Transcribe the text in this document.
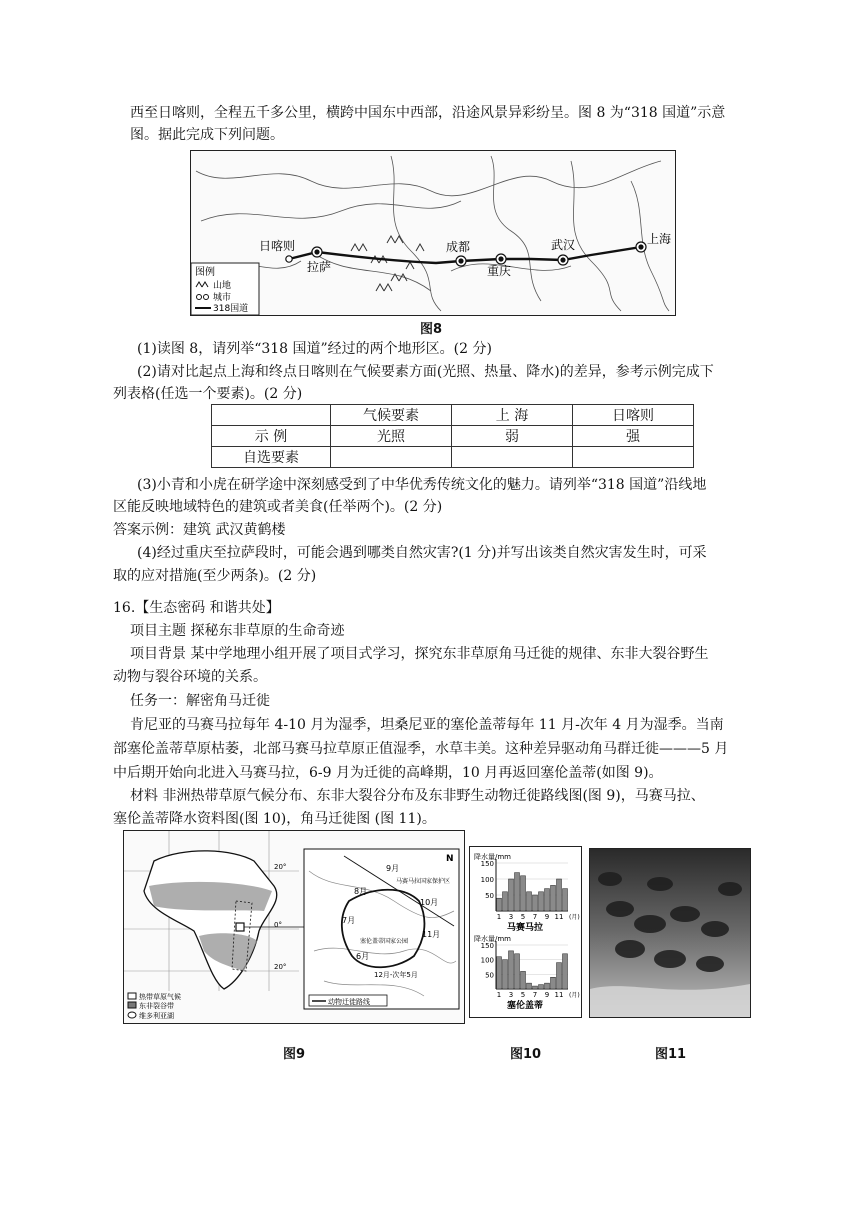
西至日喀则，全程五千多公里，横跨中国东中西部，沿途风景异彩纷呈。图 8 为“318 国道”示意
图。据此完成下列问题。
日喀则
拉萨
成都
重庆
武汉	上海
图例
山地
城市
318国道
图8
(1)读图 8，请列举“318 国道”经过的两个地形区。(2 分)
(2)请对比起点上海和终点日喀则在气候要素方面(光照、热量、降水)的差异，参考示例完成下
列表格(任选一个要素)。(2 分)
	气候要素	上 海	日喀则
示 例	光照	弱	强
自选要素			
(3)小青和小虎在研学途中深刻感受到了中华优秀传统文化的魅力。请列举“318 国道”沿线地
区能反映地域特色的建筑或者美食(任举两个)。(2 分)
答案示例：建筑 武汉黄鹤楼
(4)经过重庆至拉萨段时，可能会遇到哪类自然灾害?(1 分)并写出该类自然灾害发生时，可采
取的应对措施(至少两条)。(2 分)
16.【生态密码 和谐共处】
项目主题 探秘东非草原的生命奇迹
项目背景 某中学地理小组开展了项目式学习，探究东非草原角马迁徙的规律、东非大裂谷野生
动物与裂谷环境的关系。
任务一：解密角马迁徙
肯尼亚的马赛马拉每年 4-10 月为湿季，坦桑尼亚的塞伦盖蒂每年 11 月-次年 4 月为湿季。当南
部塞伦盖蒂草原枯萎，北部马赛马拉草原正值湿季，水草丰美。这种差异驱动角马群迁徙———5 月
中后期开始向北进入马赛马拉，6-9 月为迁徙的高峰期，10 月再返回塞伦盖蒂(如图 9)。
材料 非洲热带草原气候分布、东非大裂谷分布及东非野生动物迁徙路线图(图 9)，马赛马拉、
塞伦盖蒂降水资料图(图 10)，角马迁徙图 (图 11)。
20°
0°
20°
热带草原气候
东非裂谷带
维多利亚湖
9月
8月
7月
10月
11月
6月
12月-次年5月
马赛马拉国家保护区
塞伦盖蒂国家公园
动物迁徙路线
N
图9
降水量/mm
150
100
50
1 3 5 7 9 11 (月)
马赛马拉
降水量/mm
150
100
50
1 3 5 7 9 11 (月)
塞伦盖蒂
图10	图11
